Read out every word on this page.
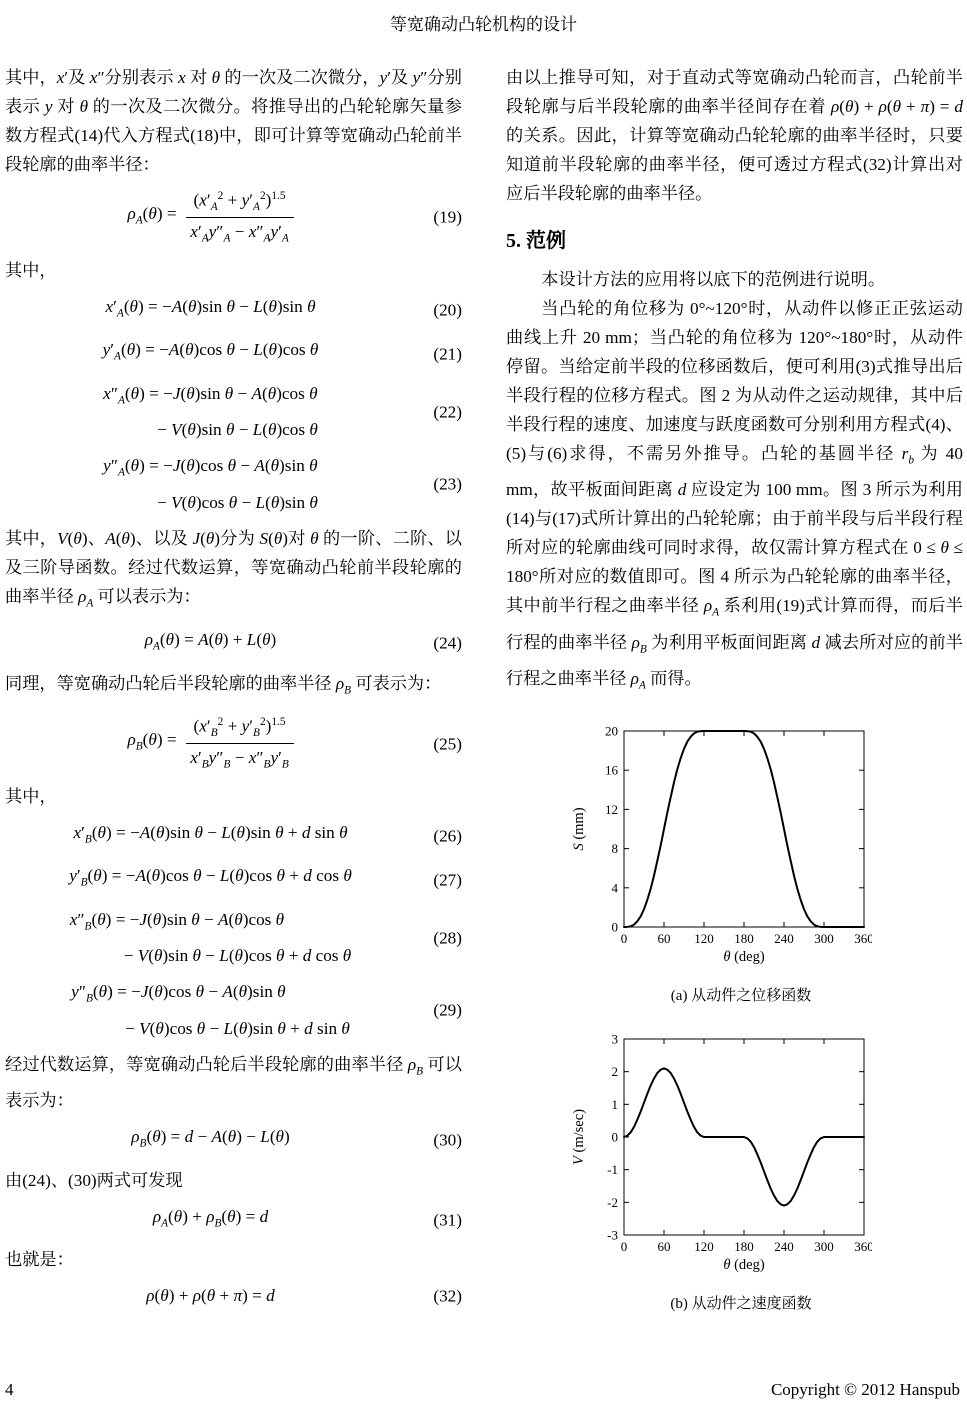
等宽确动凸轮机构的设计

其中，x′及 x″分别表示 x 对 θ 的一次及二次微分，y′及 y″分别表示 y 对 θ 的一次及二次微分。将推导出的凸轮轮廓矢量参数方程式(14)代入方程式(18)中，即可计算等宽确动凸轮前半段轮廓的曲率半径：

$\rho_A(\theta) = \frac{(x'_A^2 + y'_A^2)^{1.5}}{x'_Ay''_A - x''_Ay'_A}$	(19)

其中，

$x'_A(\theta) = -A(\theta)\sin$ θ − L(θ)sin θ	(20)
$y'_A(\theta) = -A(\theta)\cos$ θ − L(θ)cos θ	(21)
$x''_A(\theta) = -J(\theta)\sin$ θ − A(θ)cos θ
− V(θ)sin θ − L(θ)cos θ
(22)
$y''_A(\theta) = -J(\theta)\cos$ θ − A(θ)sin θ
− V(θ)cos θ − L(θ)sin θ
(23)

其中，V(θ)、A(θ)、以及 J(θ)分为 S(θ)对 θ 的一阶、二阶、以及三阶导函数。经过代数运算，等宽确动凸轮前半段轮廓的曲率半径 $\rho_A$ 可以表示为：

$\rho_A(\theta) = A(\theta) + L(\theta)$	(24)

同理，等宽确动凸轮后半段轮廓的曲率半径 $\rho_B$ 可表示为：

$\rho_B(\theta) = \frac{(x'_B^2 + y'_B^2)^{1.5}}{x'_By''_B - x''_By'_B}$	(25)

其中，

$x'_B(\theta) = -A(\theta)\sin$ θ − L(θ)sin θ + d sin θ	(26)
$y'_B(\theta) = -A(\theta)\cos$ θ − L(θ)cos θ + d cos θ	(27)
$x''_B(\theta) = -J(\theta)\sin$ θ − A(θ)cos θ
− V(θ)sin θ − L(θ)cos θ + d cos θ
(28)
$y''_B(\theta) = -J(\theta)\cos$ θ − A(θ)sin θ
− V(θ)cos θ − L(θ)sin θ + d sin θ
(29)

经过代数运算，等宽确动凸轮后半段轮廓的曲率半径 $\rho_B$ 可以表示为：

$\rho_B(\theta) = d - A(\theta) - L(\theta)$	(30)

由(24)、(30)两式可发现

$\rho_A(\theta) + \rho_B(\theta) = d$	(31)

也就是：

ρ(θ) + ρ(θ + π) = d	(32)

由以上推导可知，对于直动式等宽确动凸轮而言，凸轮前半段轮廓与后半段轮廓的曲率半径间存在着 ρ(θ) + ρ(θ + π) = d 的关系。因此，计算等宽确动凸轮轮廓的曲率半径时，只要知道前半段轮廓的曲率半径，便可透过方程式(32)计算出对应后半段轮廓的曲率半径。

5. 范例

本设计方法的应用将以底下的范例进行说明。

当凸轮的角位移为 0°~120°时，从动件以修正正弦运动曲线上升 20 mm；当凸轮的角位移为 120°~180°时，从动件停留。当给定前半段的位移函数后，便可利用(3)式推导出后半段行程的位移方程式。图 2 为从动件之运动规律，其中后半段行程的速度、加速度与跃度函数可分别利用方程式(4)、(5)与(6)求得，不需另外推导。凸轮的基圆半径 $r_b$ 为 40 mm，故平板面间距离 d 应设定为 100 mm。图 3 所示为利用(14)与(17)式所计算出的凸轮轮廓；由于前半段与后半段行程所对应的轮廓曲线可同时求得，故仅需计算方程式在 0 ≤ θ ≤ 180°所对应的数值即可。图 4 所示为凸轮轮廓的曲率半径，其中前半行程之曲率半径 $\rho_A$ 系利用(19)式计算而得，而后半行程的曲率半径 $\rho_B$ 为利用平板面间距离 d 减去所对应的前半行程之曲率半径 $\rho_A$ 而得。

0 60 120 180 240 300 360
0
4
8
12
16
20
θ (deg)
S (mm)
(a) 从动件之位移函数
0 60 120 180 240 300 360
-3
-2
-1
0
1
2
3
θ (deg)
V (m/sec)
(b) 从动件之速度函数
4	Copyright © 2012 Hanspub
